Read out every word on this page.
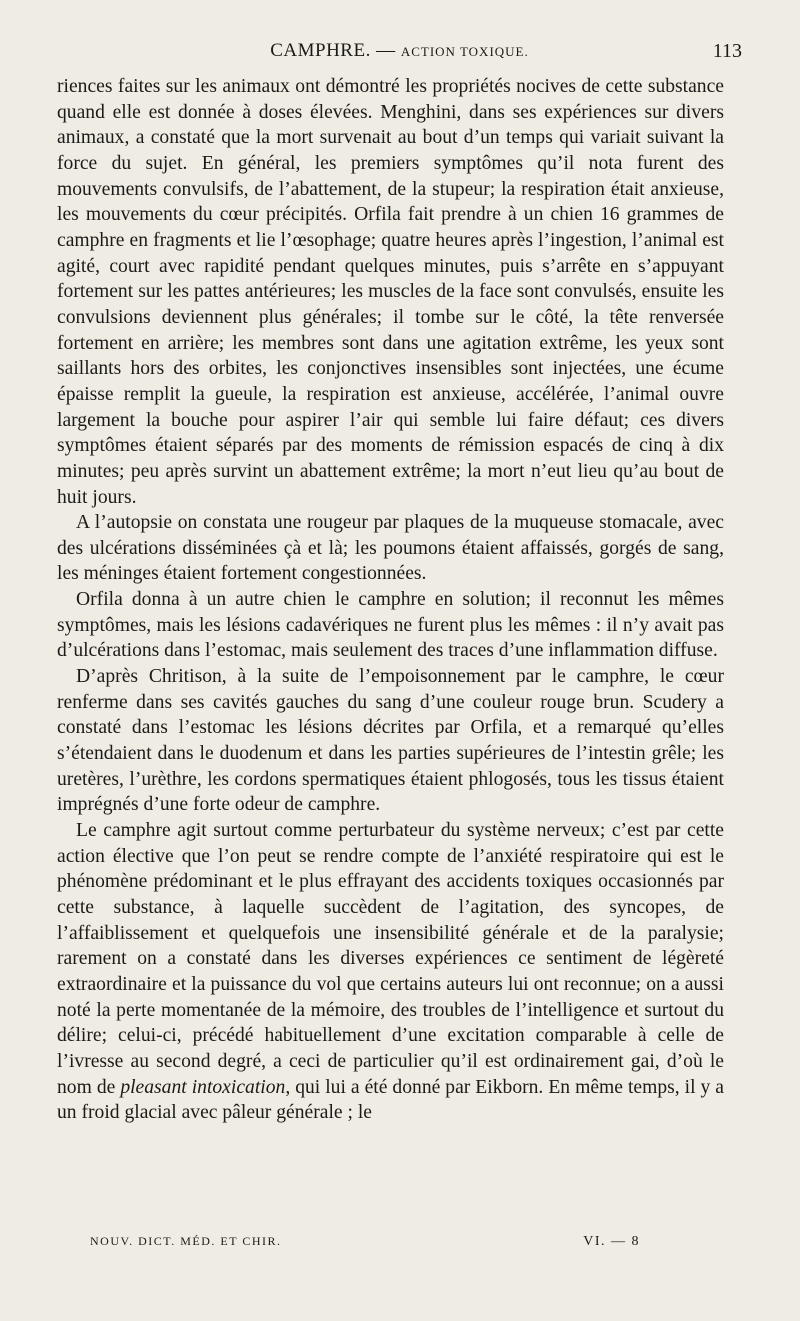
CAMPHRE. — ACTION TOXIQUE.	113

riences faites sur les animaux ont démontré les propriétés nocives de cette substance quand elle est donnée à doses élevées. Menghini, dans ses expériences sur divers animaux, a constaté que la mort survenait au bout d’un temps qui variait suivant la force du sujet. En général, les premiers symptômes qu’il nota furent des mouvements convulsifs, de l’abattement, de la stupeur; la respiration était anxieuse, les mouvements du cœur précipités. Orfila fait prendre à un chien 16 grammes de camphre en fragments et lie l’œsophage; quatre heures après l’ingestion, l’animal est agité, court avec rapidité pendant quelques minutes, puis s’arrête en s’appuyant fortement sur les pattes antérieures; les muscles de la face sont convulsés, ensuite les convulsions deviennent plus générales; il tombe sur le côté, la tête renversée fortement en arrière; les membres sont dans une agitation extrême, les yeux sont saillants hors des orbites, les conjonctives insensibles sont injectées, une écume épaisse remplit la gueule, la respiration est anxieuse, accélérée, l’animal ouvre largement la bouche pour aspirer l’air qui semble lui faire défaut; ces divers symptômes étaient séparés par des moments de rémission espacés de cinq à dix minutes; peu après survint un abattement extrême; la mort n’eut lieu qu’au bout de huit jours.

A l’autopsie on constata une rougeur par plaques de la muqueuse stomacale, avec des ulcérations disséminées çà et là; les poumons étaient affaissés, gorgés de sang, les méninges étaient fortement congestionnées.

Orfila donna à un autre chien le camphre en solution; il reconnut les mêmes symptômes, mais les lésions cadavériques ne furent plus les mêmes : il n’y avait pas d’ulcérations dans l’estomac, mais seulement des traces d’une inflammation diffuse.

D’après Chritison, à la suite de l’empoisonnement par le camphre, le cœur renferme dans ses cavités gauches du sang d’une couleur rouge brun. Scudery a constaté dans l’estomac les lésions décrites par Orfila, et a remarqué qu’elles s’étendaient dans le duodenum et dans les parties supérieures de l’intestin grêle; les uretères, l’urèthre, les cordons spermatiques étaient phlogosés, tous les tissus étaient imprégnés d’une forte odeur de camphre.

Le camphre agit surtout comme perturbateur du système nerveux; c’est par cette action élective que l’on peut se rendre compte de l’anxiété respiratoire qui est le phénomène prédominant et le plus effrayant des accidents toxiques occasionnés par cette substance, à laquelle succèdent de l’agitation, des syncopes, de l’affaiblissement et quelquefois une insensibilité générale et de la paralysie; rarement on a constaté dans les diverses expériences ce sentiment de légèreté extraordinaire et la puissance du vol que certains auteurs lui ont reconnue; on a aussi noté la perte momentanée de la mémoire, des troubles de l’intelligence et surtout du délire; celui-ci, précédé habituellement d’une excitation comparable à celle de l’ivresse au second degré, a ceci de particulier qu’il est ordinairement gai, d’où le nom de pleasant intoxication, qui lui a été donné par Eikborn. En même temps, il y a un froid glacial avec pâleur générale ; le

NOUV. DICT. MÉD. ET CHIR.	VI. — 8
